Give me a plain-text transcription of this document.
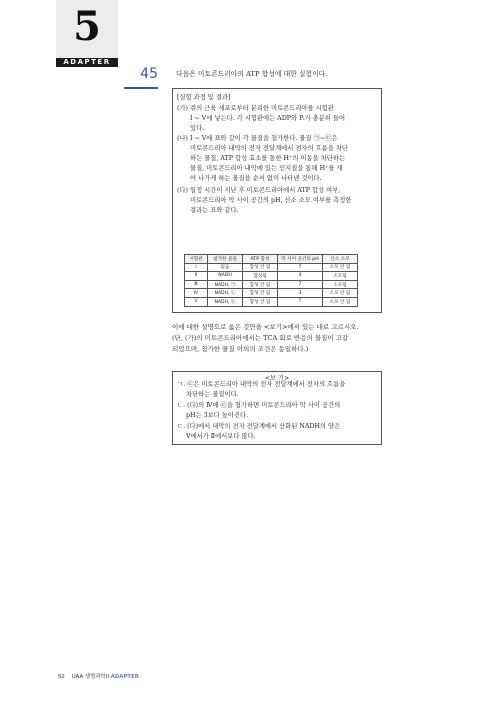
5
ADAPTER
45	다음은 미토콘드리아의 ATP 합성에 대한 실험이다.
[실험 과정 및 결과]
(가) 쥐의 근육 세포로부터 분리한 미토콘드리아를 시험관
Ⅰ ~ Ⅴ에 넣는다. 각 시험관에는 ADP와 Pᵢ가 충분히 들어
있다.
(나) Ⅰ ~ Ⅴ에 표와 같이 각 물질을 첨가한다. 물질 ㉠~㉢은
미토콘드리아 내막의 전자 전달계에서 전자의 흐름을 차단
하는 물질, ATP 합성 효소를 통한 H⁺의 이동을 차단하는
물질, 미토콘드리아 내막에 있는 인지질을 통해 H⁺를 새
어 나가게 하는 물질을 순서 없이 나타낸 것이다.
(다) 일정 시간이 지난 후 미토콘드리아에서 ATP 합성 여부,
미토콘드리아 막 사이 공간의 pH, 산소 소모 여부를 측정한
결과는 표와 같다.
시험관	첨가한 물질	ATP 합성	막 사이 공간의 pH	산소 소모
Ⅰ	없음	합성 안 됨	7	소모 안 됨
Ⅱ	NADH	합성됨	4	소모됨
Ⅲ	NADH, ㉠	합성 안 됨	7	소모됨
Ⅳ	NADH, ㉡	합성 안 됨	3	소모 안 됨
Ⅴ	NADH, ㉢	합성 안 됨	7	소모 안 됨
이에 대한 설명으로 옳은 것만을 <보기>에서 있는 대로 고르시오.
(단, (가)의 미토콘드리아에서는 TCA 회로 반응의 물질이 고갈
되었으며, 첨가한 물질 이외의 조건은 동일하다.)
<보 기>
ㄱ. ㉢은 미토콘드리아 내막의 전자 전달계에서 전자의 흐름을
차단하는 물질이다.
ㄴ. (다)의 Ⅳ에 ㉢을 첨가하면 미토콘드리아 막 사이 공간의
pH는 3보다 높아진다.
ㄷ. (다)에서 내막의 전자 전달계에서 산화된 NADH의 양은
Ⅴ에서가 Ⅱ에서보다 많다.
52 UAA 생명과학II ADAPTER
